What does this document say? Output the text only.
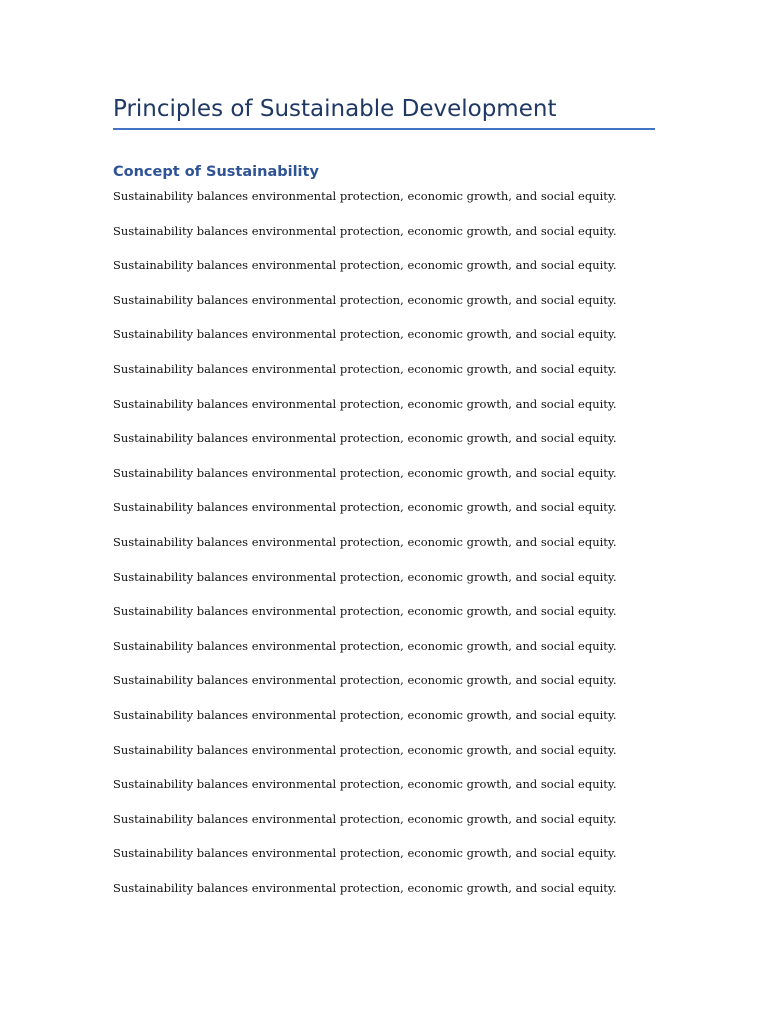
Principles of Sustainable Development
Concept of Sustainability

Sustainability balances environmental protection, economic growth, and social equity.

Sustainability balances environmental protection, economic growth, and social equity.

Sustainability balances environmental protection, economic growth, and social equity.

Sustainability balances environmental protection, economic growth, and social equity.

Sustainability balances environmental protection, economic growth, and social equity.

Sustainability balances environmental protection, economic growth, and social equity.

Sustainability balances environmental protection, economic growth, and social equity.

Sustainability balances environmental protection, economic growth, and social equity.

Sustainability balances environmental protection, economic growth, and social equity.

Sustainability balances environmental protection, economic growth, and social equity.

Sustainability balances environmental protection, economic growth, and social equity.

Sustainability balances environmental protection, economic growth, and social equity.

Sustainability balances environmental protection, economic growth, and social equity.

Sustainability balances environmental protection, economic growth, and social equity.

Sustainability balances environmental protection, economic growth, and social equity.

Sustainability balances environmental protection, economic growth, and social equity.

Sustainability balances environmental protection, economic growth, and social equity.

Sustainability balances environmental protection, economic growth, and social equity.

Sustainability balances environmental protection, economic growth, and social equity.

Sustainability balances environmental protection, economic growth, and social equity.

Sustainability balances environmental protection, economic growth, and social equity.
